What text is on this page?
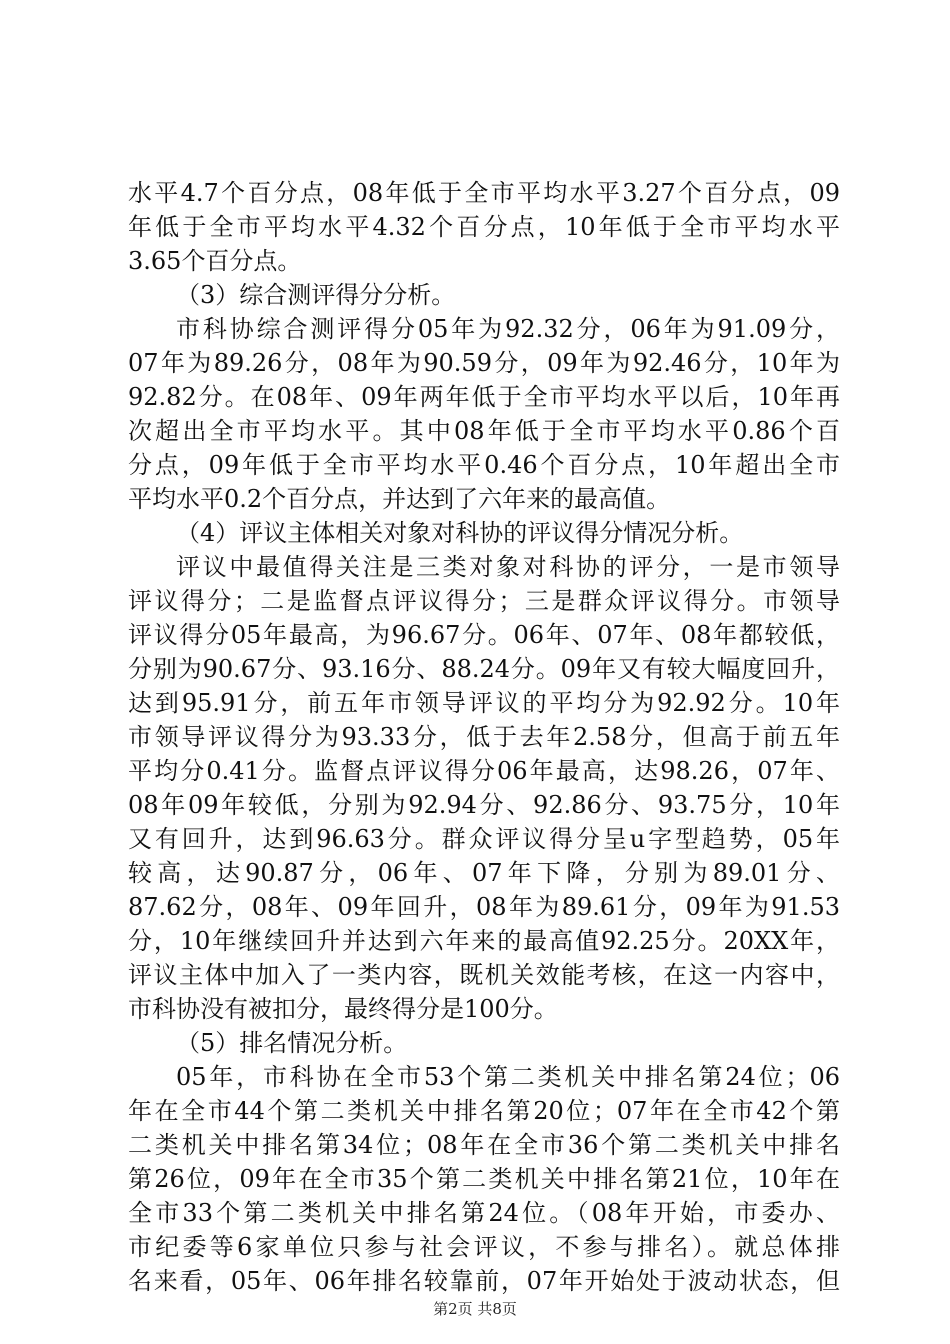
水平4.7个百分点，08年低于全市平均水平3.27个百分点，09
年低于全市平均水平4.32个百分点，10年低于全市平均水平
3.65个百分点。
（3）综合测评得分分析。
市科协综合测评得分05年为92.32分，06年为91.09分，
07年为89.26分，08年为90.59分，09年为92.46分，10年为
92.82分。在08年、09年两年低于全市平均水平以后，10年再
次超出全市平均水平。其中08年低于全市平均水平0.86个百
分点，09年低于全市平均水平0.46个百分点，10年超出全市
平均水平0.2个百分点，并达到了六年来的最高值。
（4）评议主体相关对象对科协的评议得分情况分析。
评议中最值得关注是三类对象对科协的评分，一是市领导
评议得分；二是监督点评议得分；三是群众评议得分。市领导
评议得分05年最高，为96.67分。06年、07年、08年都较低，
分别为90.67分、93.16分、88.24分。09年又有较大幅度回升，
达到95.91分，前五年市领导评议的平均分为92.92分。10年
市领导评议得分为93.33分，低于去年2.58分，但高于前五年
平均分0.41分。监督点评议得分06年最高，达98.26，07年、
08年09年较低，分别为92.94分、92.86分、93.75分，10年
又有回升，达到96.63分。群众评议得分呈u字型趋势，05年
较高，达90.87分，06年、07年下降，分别为89.01分、
87.62分，08年、09年回升，08年为89.61分，09年为91.53
分，10年继续回升并达到六年来的最高值92.25分。20XX年，
评议主体中加入了一类内容，既机关效能考核，在这一内容中，
市科协没有被扣分，最终得分是100分。
（5）排名情况分析。
05年，市科协在全市53个第二类机关中排名第24位；06
年在全市44个第二类机关中排名第20位；07年在全市42个第
二类机关中排名第34位；08年在全市36个第二类机关中排名
第26位，09年在全市35个第二类机关中排名第21位，10年在
全市33个第二类机关中排名第24位。（08年开始，市委办、
市纪委等6家单位只参与社会评议，不参与排名）。就总体排
名来看，05年、06年排名较靠前，07年开始处于波动状态，但
第2页 共8页
